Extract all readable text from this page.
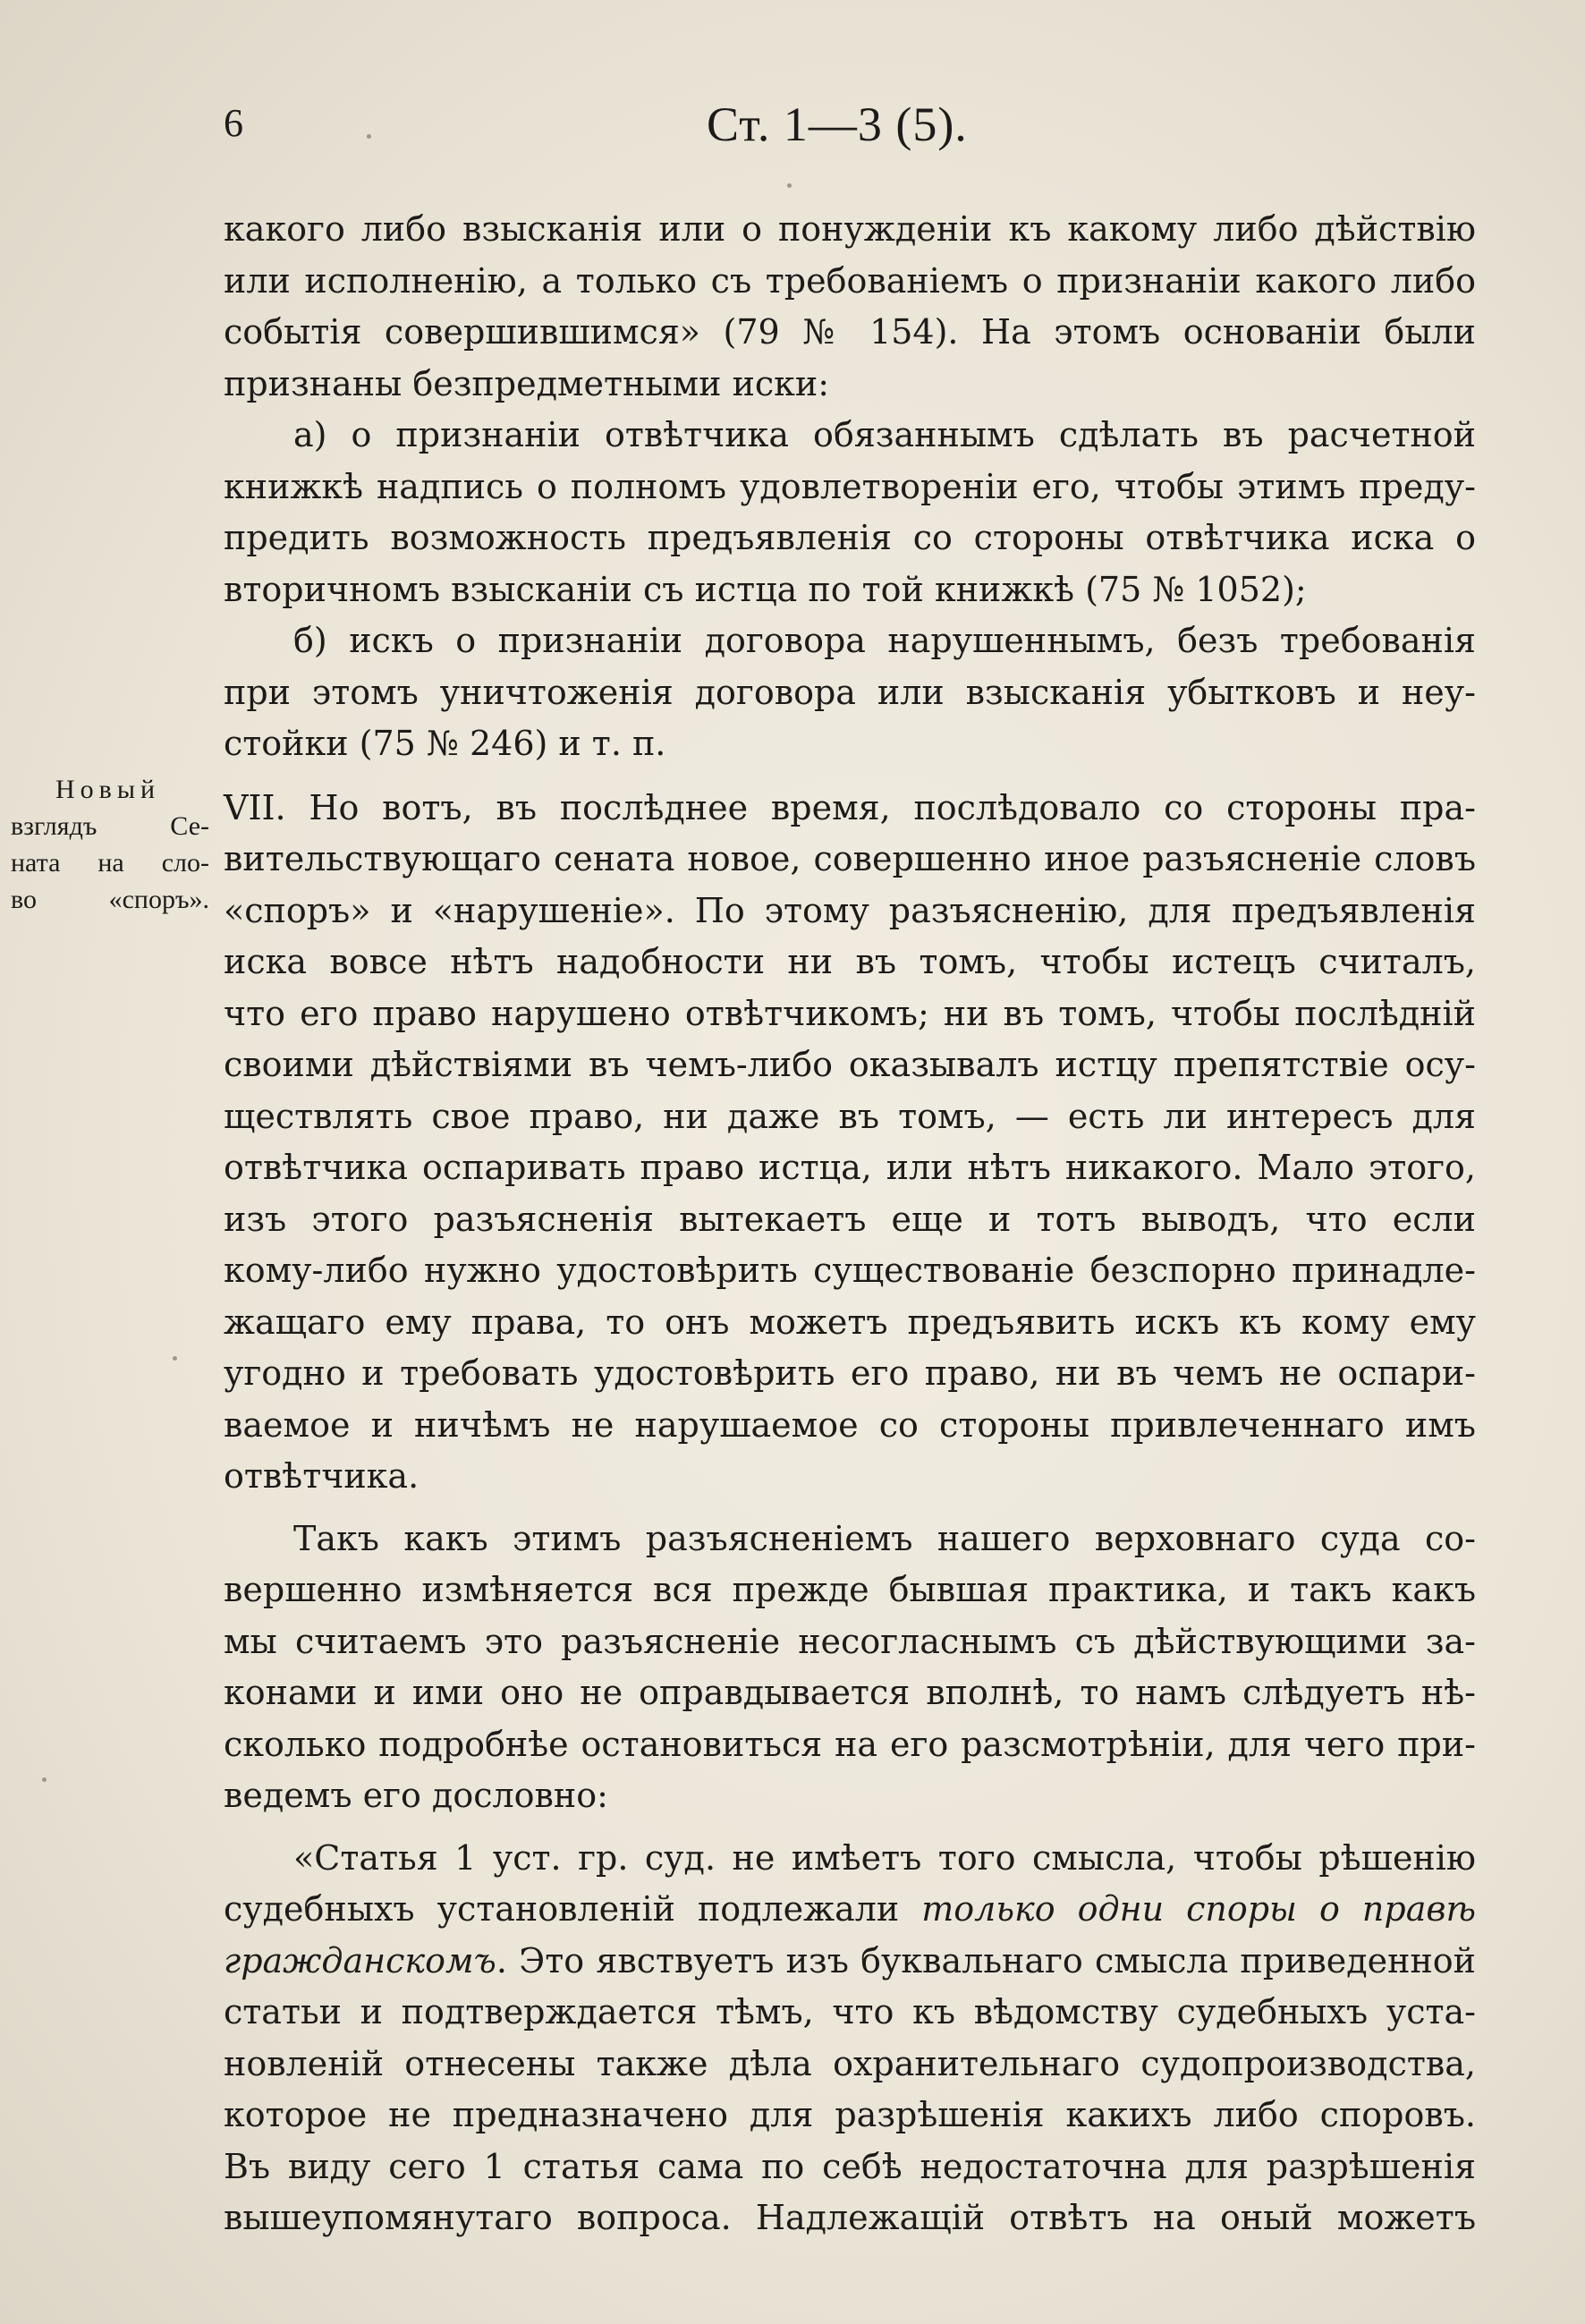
6	Ст. 1—3 (5).
Новый
взглядъ Се-
ната на сло-
во «споръ».
какого либо взысканія или о понужденіи къ какому либо дѣйствію
или исполненію, а только съ требованіемъ о признаніи какого либо
событія совершившимся» (79 № 154). На этомъ основаніи были
признаны безпредметными иски:
а) о признаніи отвѣтчика обязаннымъ сдѣлать въ расчетной
книжкѣ надпись о полномъ удовлетвореніи его, чтобы этимъ преду-
предить возможность предъявленія со стороны отвѣтчика иска о
вторичномъ взысканіи съ истца по той книжкѣ (75 № 1052);
б) искъ о признаніи договора нарушеннымъ, безъ требованія
при этомъ уничтоженія договора или взысканія убытковъ и неу-
стойки (75 № 246) и т. п.
VII. Но вотъ, въ послѣднее время, послѣдовало со стороны пра-
вительствующаго сената новое, совершенно иное разъясненіе словъ
«споръ» и «нарушеніе». По этому разъясненію, для предъявленія
иска вовсе нѣтъ надобности ни въ томъ, чтобы истецъ считалъ,
что его право нарушено отвѣтчикомъ; ни въ томъ, чтобы послѣдній
своими дѣйствіями въ чемъ-либо оказывалъ истцу препятствіе осу-
ществлять свое право, ни даже въ томъ, — есть ли интересъ для
отвѣтчика оспаривать право истца, или нѣтъ никакого. Мало этого,
изъ этого разъясненія вытекаетъ еще и тотъ выводъ, что если
кому-либо нужно удостовѣрить существованіе безспорно принадле-
жащаго ему права, то онъ можетъ предъявить искъ къ кому ему
угодно и требовать удостовѣрить его право, ни въ чемъ не оспари-
ваемое и ничѣмъ не нарушаемое со стороны привлеченнаго имъ
отвѣтчика.
Такъ какъ этимъ разъясненіемъ нашего верховнаго суда со-
вершенно измѣняется вся прежде бывшая практика, и такъ какъ
мы считаемъ это разъясненіе несогласнымъ съ дѣйствующими за-
конами и ими оно не оправдывается вполнѣ, то намъ слѣдуетъ нѣ-
сколько подробнѣе остановиться на его разсмотрѣніи, для чего при-
ведемъ его дословно:
«Статья 1 уст. гр. суд. не имѣетъ того смысла, чтобы рѣшенію
судебныхъ установленій подлежали только одни споры о правѣ
гражданскомъ. Это явствуетъ изъ буквальнаго смысла приведенной
статьи и подтверждается тѣмъ, что къ вѣдомству судебныхъ уста-
новленій отнесены также дѣла охранительнаго судопроизводства,
которое не предназначено для разрѣшенія какихъ либо споровъ.
Въ виду сего 1 статья сама по себѣ недостаточна для разрѣшенія
вышеупомянутаго вопроса. Надлежащій отвѣтъ на оный можетъ
